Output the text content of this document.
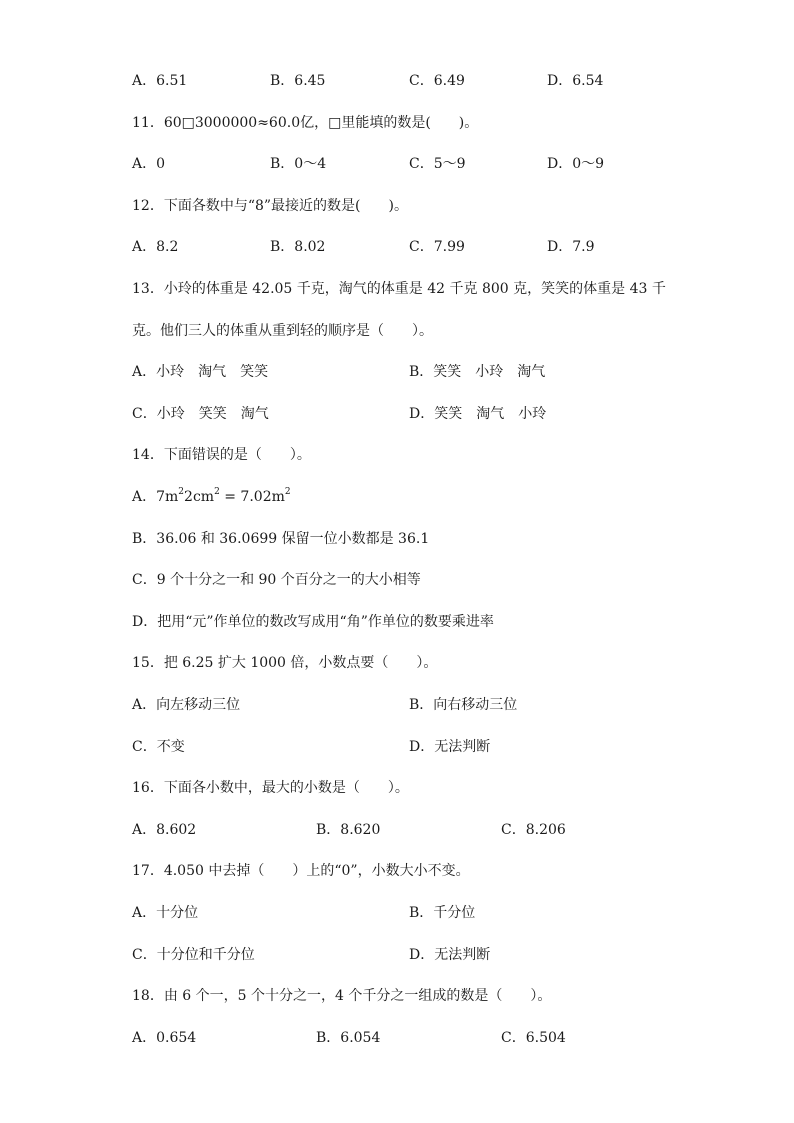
A．6.51	B．6.45	C．6.49	D．6.54
11．60□3000000≈60.0亿，□里能填的数是(　　)。
A．0	B．0～4	C．5～9	D．0～9
12．下面各数中与“8”最接近的数是(　　)。
A．8.2	B．8.02	C．7.99	D．7.9
13．小玲的体重是 42.05 千克，淘气的体重是 42 千克 800 克，笑笑的体重是 43 千
克。他们三人的体重从重到轻的顺序是（　　）。
A．小玲　淘气　笑笑	B．笑笑　小玲　淘气
C．小玲　笑笑　淘气	D．笑笑　淘气　小玲
14．下面错误的是（　　）。
A．$7m^22cm^2 = 7.02m^2$
B．36.06 和 36.0699 保留一位小数都是 36.1
C．9 个十分之一和 90 个百分之一的大小相等
D．把用“元”作单位的数改写成用“角”作单位的数要乘进率
15．把 6.25 扩大 1000 倍，小数点要（　　）。
A．向左移动三位	B．向右移动三位
C．不变	D．无法判断
16．下面各小数中，最大的小数是（　　）。
A．8.602	B．8.620	C．8.206
17．4.050 中去掉（　　）上的“0”，小数大小不变。
A．十分位	B．千分位
C．十分位和千分位	D．无法判断
18．由 6 个一，5 个十分之一，4 个千分之一组成的数是（　　）。
A．0.654	B．6.054	C．6.504
